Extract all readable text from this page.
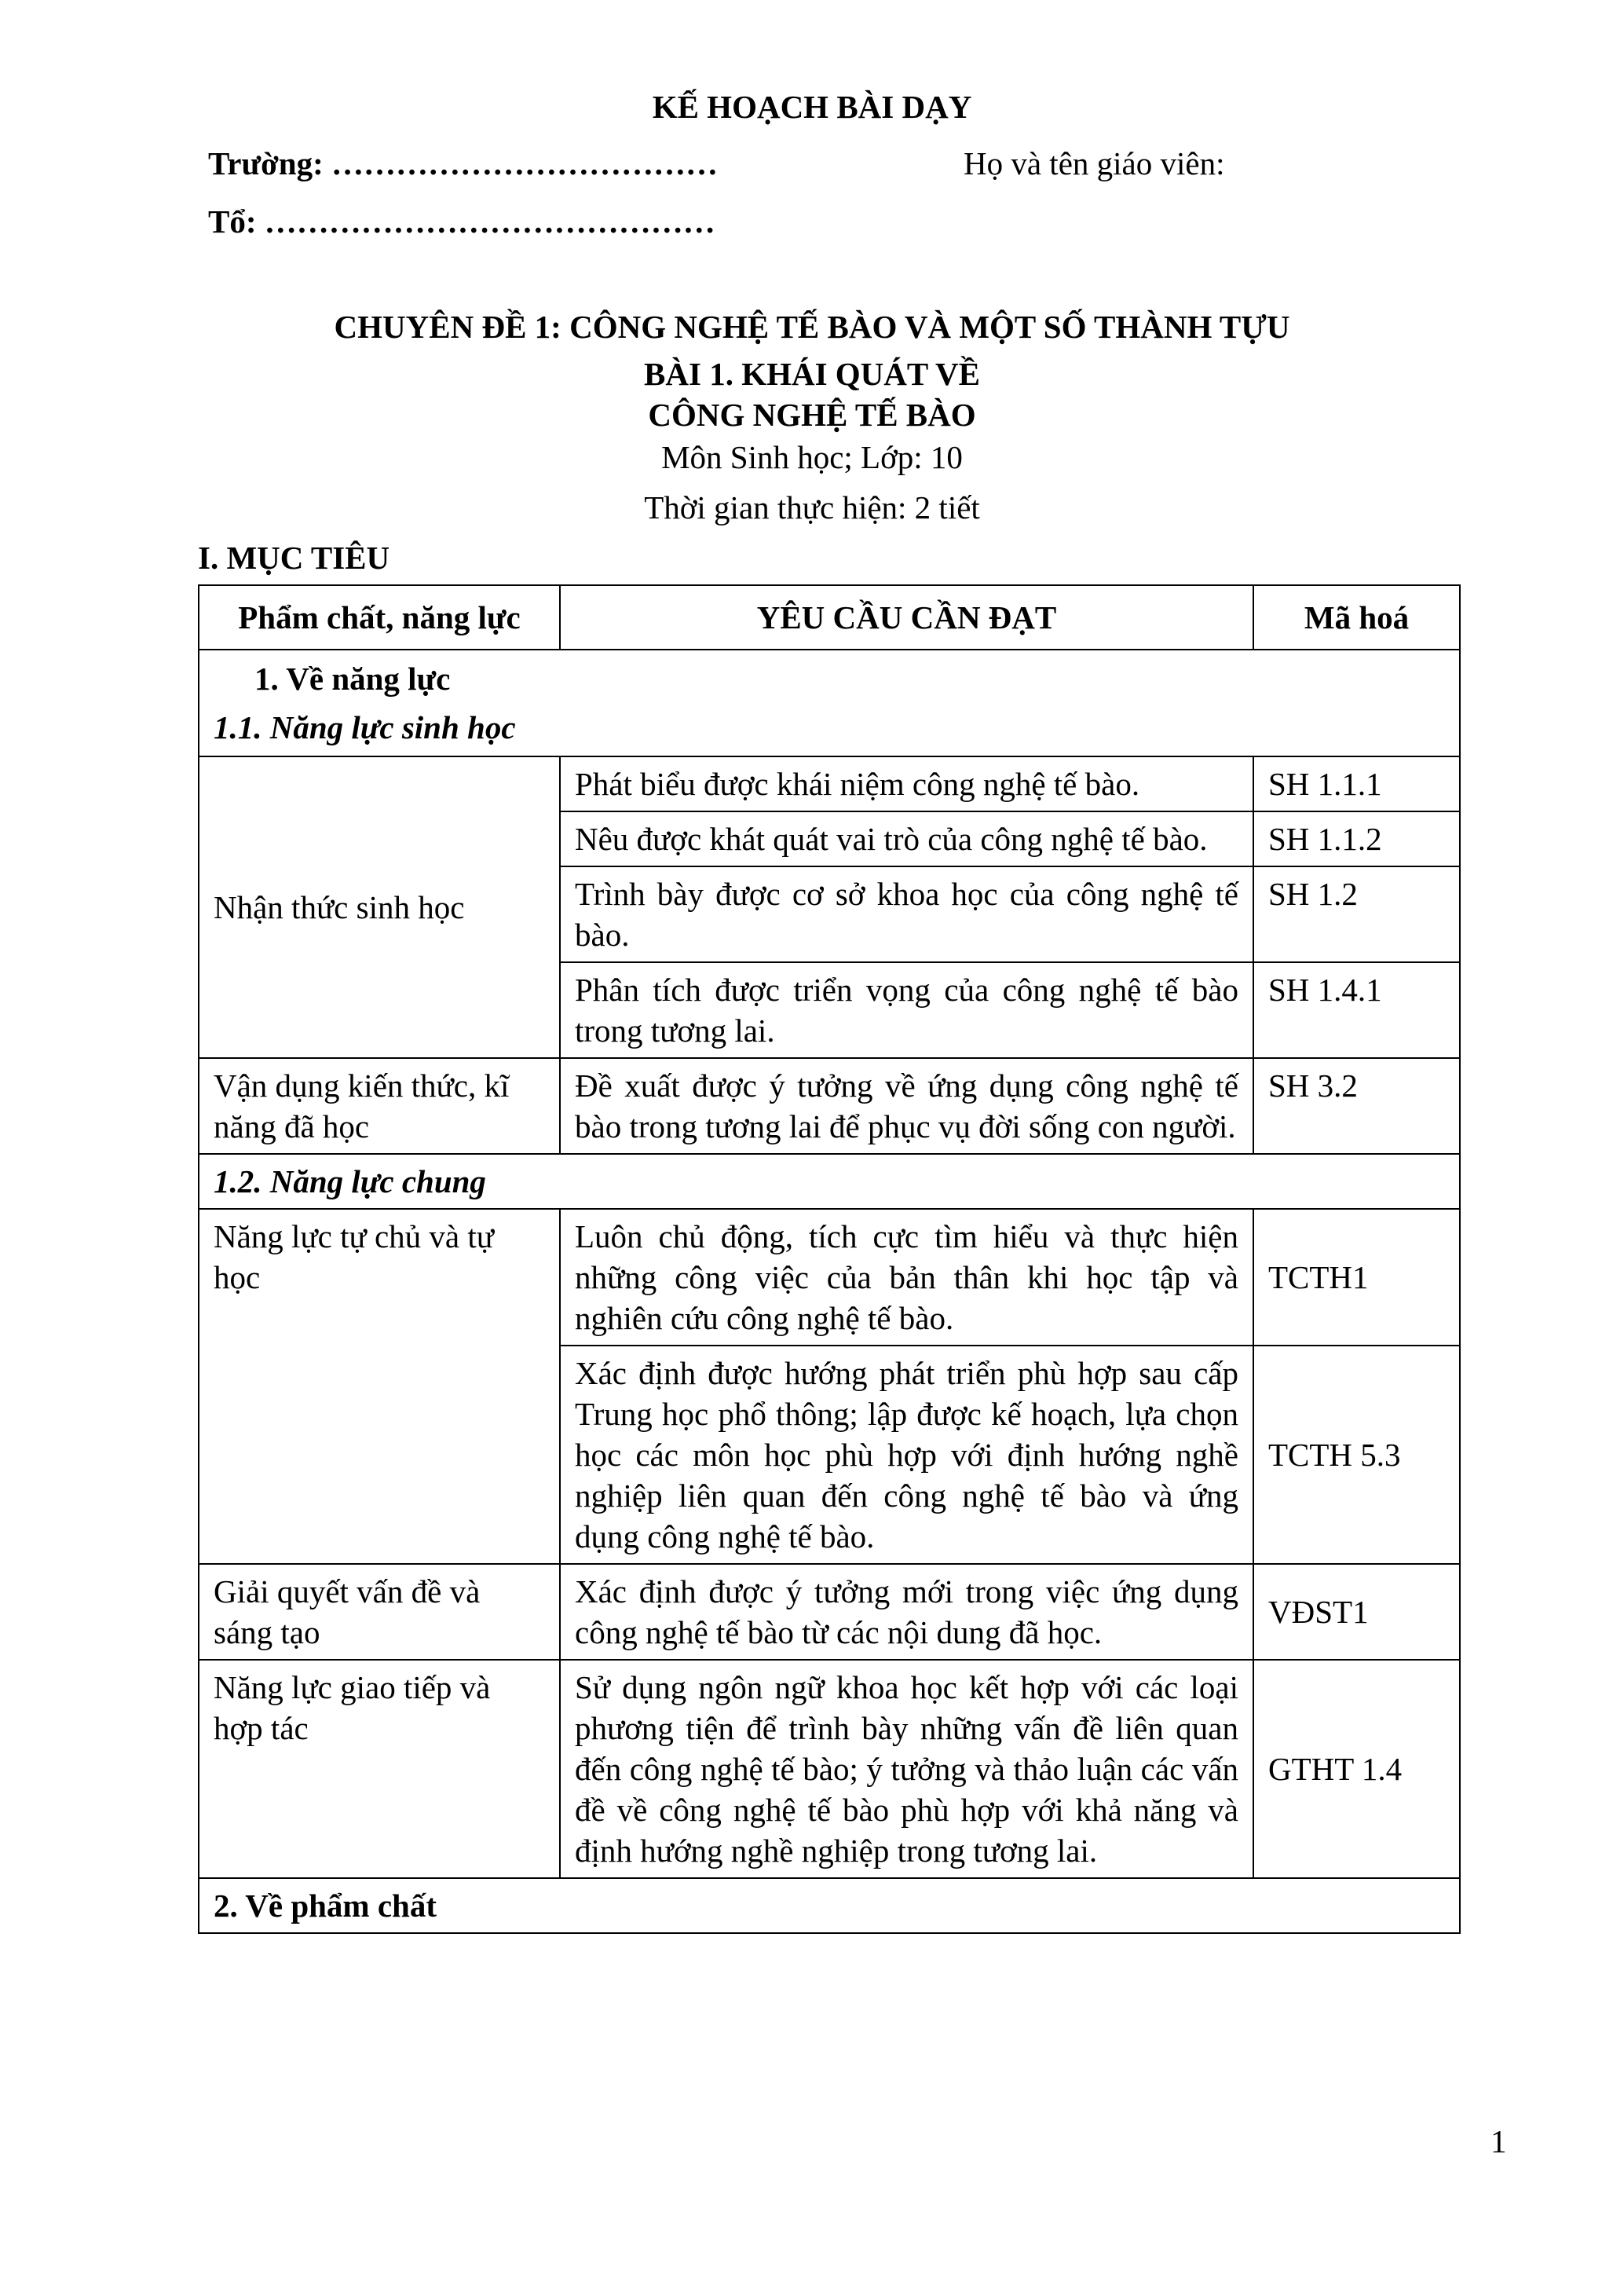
KẾ HOẠCH BÀI DẠY
Trường: ………………………………	Họ và tên giáo viên:
Tổ: ……………………………………
CHUYÊN ĐỀ 1: CÔNG NGHỆ TẾ BÀO VÀ MỘT SỐ THÀNH TỰU
BÀI 1. KHÁI QUÁT VỀ
CÔNG NGHỆ TẾ BÀO
Môn Sinh học; Lớp: 10
Thời gian thực hiện: 2 tiết
I. MỤC TIÊU
Phẩm chất, năng lực	YÊU CẦU CẦN ĐẠT	Mã hoá

1. Về năng lực
1.1. Năng lực sinh học		

Nhận thức sinh học	Phát biểu được khái niệm công nghệ tế bào.	SH 1.1.1
	Nêu được khát quát vai trò của công nghệ tế bào.	SH 1.1.2
	Trình bày được cơ sở khoa học của công nghệ tế bào.	SH 1.2
	Phân tích được triển vọng của công nghệ tế bào trong tương lai.	SH 1.4.1
Vận dụng kiến thức, kĩ năng đã học	Đề xuất được ý tưởng về ứng dụng công nghệ tế bào trong tương lai để phục vụ đời sống con người.	SH 3.2
1.2. Năng lực chung		
Năng lực tự chủ và tự học	Luôn chủ động, tích cực tìm hiểu và thực hiện những công việc của bản thân khi học tập và nghiên cứu công nghệ tế bào.	TCTH1
	Xác định được hướng phát triển phù hợp sau cấp Trung học phổ thông; lập được kế hoạch, lựa chọn học các môn học phù hợp với định hướng nghề nghiệp liên quan đến công nghệ tế bào và ứng dụng công nghệ tế bào.	TCTH 5.3
Giải quyết vấn đề và sáng tạo	Xác định được ý tưởng mới trong việc ứng dụng công nghệ tế bào từ các nội dung đã học.	VĐST1
Năng lực giao tiếp và hợp tác	Sử dụng ngôn ngữ khoa học kết hợp với các loại phương tiện để trình bày những vấn đề liên quan đến công nghệ tế bào; ý tưởng và thảo luận các vấn đề về công nghệ tế bào phù hợp với khả năng và định hướng nghề nghiệp trong tương lai.	GTHT 1.4
2. Về phẩm chất		
1
